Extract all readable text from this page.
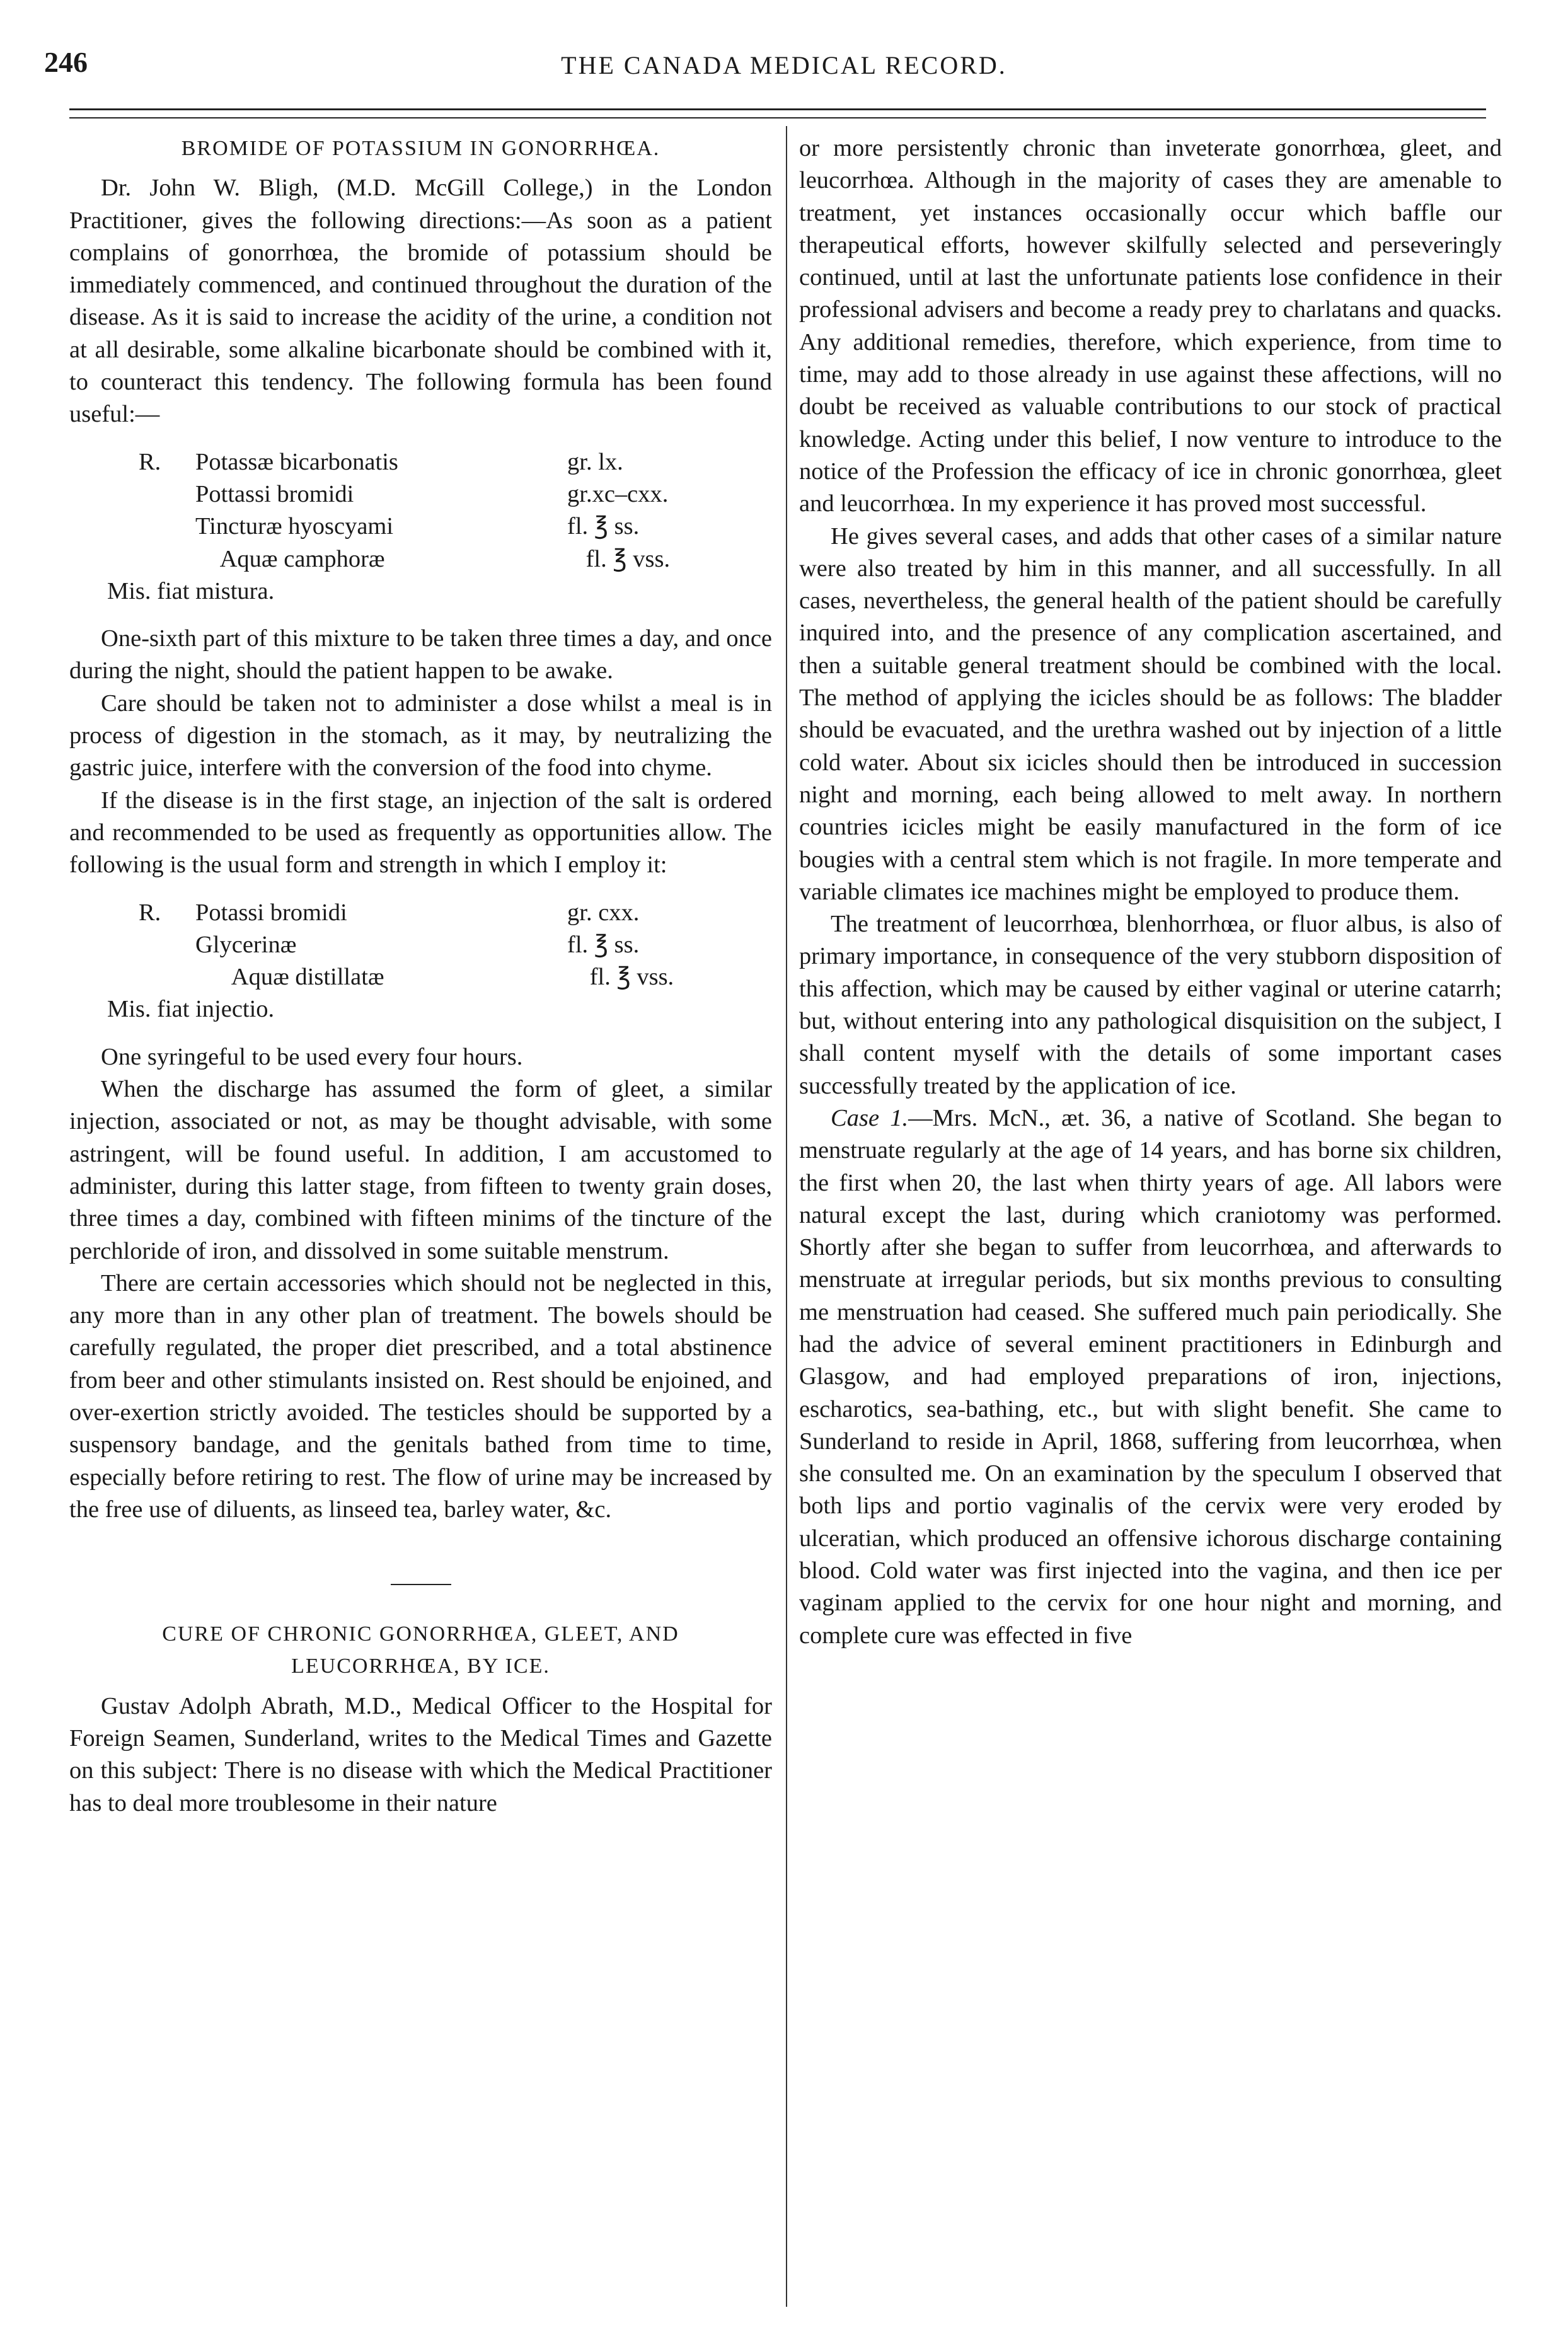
246	THE CANADA MEDICAL RECORD.
BROMIDE OF POTASSIUM IN GONORRHŒA.

Dr. John W. Bligh, (M.D. McGill College,) in the London Practitioner, gives the following directions:—As soon as a patient complains of gonorrhœa, the bromide of potassium should be immediately commenced, and continued throughout the duration of the disease. As it is said to increase the acidity of the urine, a condition not at all desirable, some alkaline bicarbonate should be combined with it, to counteract this tendency. The following formula has been found useful:—

R.	Potassæ bicarbonatis	gr. lx.
Pottassi bromidi	gr.xc–cxx.
Tincturæ hyoscyami	fl. ℥ ss.
Aquæ camphoræ	fl. ℥ vss.
Mis. fiat mistura.

One-sixth part of this mixture to be taken three times a day, and once during the night, should the patient happen to be awake.

Care should be taken not to administer a dose whilst a meal is in process of digestion in the stomach, as it may, by neutralizing the gastric juice, interfere with the conversion of the food into chyme.

If the disease is in the first stage, an injection of the salt is ordered and recommended to be used as frequently as opportunities allow. The following is the usual form and strength in which I employ it:

R.	Potassi bromidi	gr. cxx.
Glycerinæ	fl. ℥ ss.
Aquæ distillatæ	fl. ℥ vss.
Mis. fiat injectio.

One syringeful to be used every four hours.

When the discharge has assumed the form of gleet, a similar injection, associated or not, as may be thought advisable, with some astringent, will be found useful. In addition, I am accustomed to administer, during this latter stage, from fifteen to twenty grain doses, three times a day, combined with fifteen minims of the tincture of the perchloride of iron, and dissolved in some suitable menstrum.

There are certain accessories which should not be neglected in this, any more than in any other plan of treatment. The bowels should be carefully regulated, the proper diet prescribed, and a total abstinence from beer and other stimulants insisted on. Rest should be enjoined, and over-exertion strictly avoided. The testicles should be supported by a suspensory bandage, and the genitals bathed from time to time, especially before retiring to rest. The flow of urine may be increased by the free use of diluents, as linseed tea, barley water, &c.

CURE OF CHRONIC GONORRHŒA, GLEET, AND
LEUCORRHŒA, BY ICE.

Gustav Adolph Abrath, M.D., Medical Officer to the Hospital for Foreign Seamen, Sunderland, writes to the Medical Times and Gazette on this subject: There is no disease with which the Medical Practitioner has to deal more troublesome in their nature

or more persistently chronic than inveterate gonorrhœa, gleet, and leucorrhœa. Although in the majority of cases they are amenable to treatment, yet instances occasionally occur which baffle our therapeutical efforts, however skilfully selected and perseveringly continued, until at last the unfortunate patients lose confidence in their professional advisers and become a ready prey to charlatans and quacks. Any additional remedies, therefore, which experience, from time to time, may add to those already in use against these affections, will no doubt be received as valuable contributions to our stock of practical knowledge. Acting under this belief, I now venture to introduce to the notice of the Profession the efficacy of ice in chronic gonorrhœa, gleet and leucorrhœa. In my experience it has proved most successful.

He gives several cases, and adds that other cases of a similar nature were also treated by him in this manner, and all successfully. In all cases, nevertheless, the general health of the patient should be carefully inquired into, and the presence of any complication ascertained, and then a suitable general treatment should be combined with the local. The method of applying the icicles should be as follows: The bladder should be evacuated, and the urethra washed out by injection of a little cold water. About six icicles should then be introduced in succession night and morning, each being allowed to melt away. In northern countries icicles might be easily manufactured in the form of ice bougies with a central stem which is not fragile. In more temperate and variable climates ice machines might be employed to produce them.

The treatment of leucorrhœa, blenhorrhœa, or fluor albus, is also of primary importance, in consequence of the very stubborn disposition of this affection, which may be caused by either vaginal or uterine catarrh; but, without entering into any pathological disquisition on the subject, I shall content myself with the details of some important cases successfully treated by the application of ice.

Case 1.—Mrs. McN., æt. 36, a native of Scotland. She began to menstruate regularly at the age of 14 years, and has borne six children, the first when 20, the last when thirty years of age. All labors were natural except the last, during which craniotomy was performed. Shortly after she began to suffer from leucorrhœa, and afterwards to menstruate at irregular periods, but six months previous to consulting me menstruation had ceased. She suffered much pain periodically. She had the advice of several eminent practitioners in Edinburgh and Glasgow, and had employed preparations of iron, injections, escharotics, sea-bathing, etc., but with slight benefit. She came to Sunderland to reside in April, 1868, suffering from leucorrhœa, when she consulted me. On an examination by the speculum I observed that both lips and portio vaginalis of the cervix were very eroded by ulceratian, which produced an offensive ichorous discharge containing blood. Cold water was first injected into the vagina, and then ice per vaginam applied to the cervix for one hour night and morning, and complete cure was effected in five
